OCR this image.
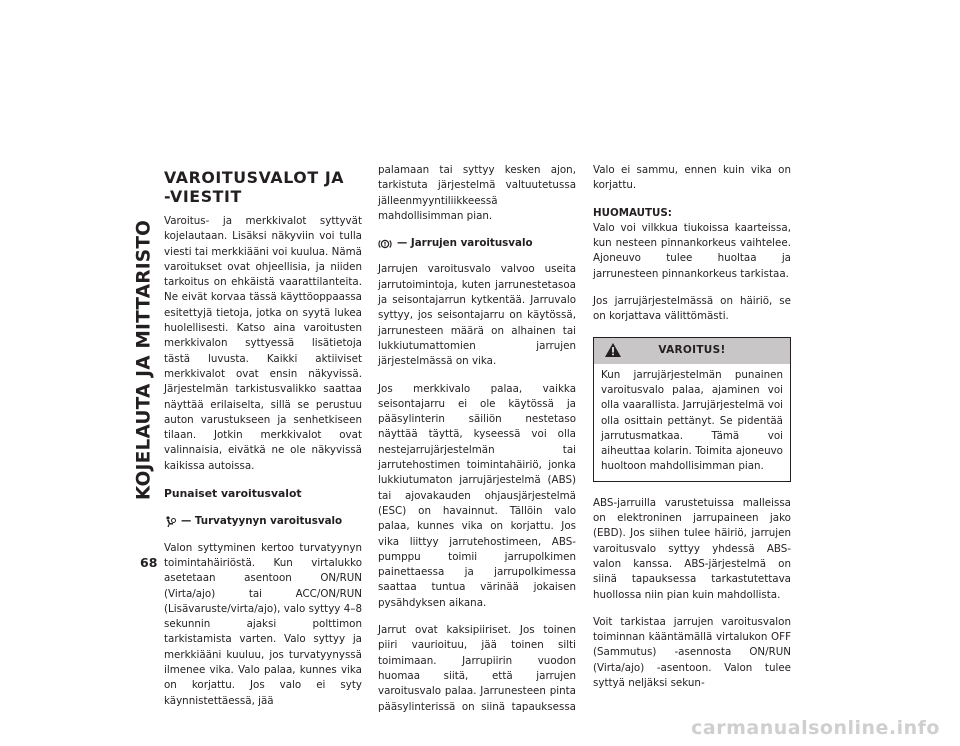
KOJELAUTA JA MITTARISTO
68
VAROITUSVALOT JA
-VIESTIT

Varoitus- ja merkkivalot syttyvät kojelautaan. Lisäksi näkyviin voi tulla viesti tai merkkiääni voi kuulua. Nämä varoitukset ovat ohjeellisia, ja niiden tarkoitus on ehkäistä vaarattilanteita. Ne eivät korvaa tässä käyttöoppaassa esitettyjä tietoja, jotka on syytä lukea huolellisesti. Katso aina varoitusten merkkivalon syttyessä lisätietoja tästä luvusta. Kaikki aktiiviset merkkivalot ovat ensin näkyvissä. Järjestelmän tarkistusvalikko saattaa näyttää erilaiselta, sillä se perustuu auton varustukseen ja senhetkiseen tilaan. Jotkin merkkivalot ovat valinnaisia, eivätkä ne ole näkyvissä kaikissa autoissa.

Punaiset varoitusvalot
— Turvatyynyn varoitusvalo

Valon syttyminen kertoo turvatyynyn toimintahäiriöstä. Kun virtalukko asetetaan asentoon ON/RUN (Virta/ajo) tai ACC/ON/RUN (Lisävaruste/virta/ajo), valo syttyy 4–8 sekunnin ajaksi polttimon tarkistamista varten. Valo syttyy ja merkkiääni kuuluu, jos turvatyynyssä ilmenee vika. Valo palaa, kunnes vika on korjattu. Jos valo ei syty käynnistettäessä, jää

palamaan tai syttyy kesken ajon, tarkistuta järjestelmä valtuutetussa jälleenmyyntiliikkeessä mahdollisimman pian.

— Jarrujen varoitusvalo

Jarrujen varoitusvalo valvoo useita jarrutoimintoja, kuten jarrunestetasoa ja seisontajarrun kytkentää. Jarruvalo syttyy, jos seisontajarru on käytössä, jarrunesteen määrä on alhainen tai lukkiutumattomien jarrujen järjestelmässä on vika.

Jos merkkivalo palaa, vaikka seisontajarru ei ole käytössä ja pääsylinterin säiliön nestetaso näyttää täyttä, kyseessä voi olla nestejarrujärjestelmän tai jarrutehostimen toimintahäiriö, jonka lukkiutumaton jarrujärjestelmä (ABS) tai ajovakauden ohjausjärjestelmä (ESC) on havainnut. Tällöin valo palaa, kunnes vika on korjattu. Jos vika liittyy jarrutehostimeen, ABS-pumppu toimii jarrupolkimen painettaessa ja jarrupolkimessa saattaa tuntua värinää jokaisen pysähdyksen aikana.

Jarrut ovat kaksipiiriset. Jos toinen piiri vaurioituu, jää toinen silti toimimaan. Jarrupiirin vuodon huomaa siitä, että jarrujen varoitusvalo palaa. Jarrunesteen pinta pääsylinterissä on siinä tapauksessa

Valo ei sammu, ennen kuin vika on korjattu.

HUOMAUTUS:

Valo voi vilkkua tiukoissa kaarteissa, kun nesteen pinnankorkeus vaihtelee. Ajoneuvo tulee huoltaa ja jarrunesteen pinnankorkeus tarkistaa.

Jos jarrujärjestelmässä on häiriö, se on korjattava välittömästi.

VAROITUS!

Kun jarrujärjestelmän punainen varoitusvalo palaa, ajaminen voi olla vaarallista. Jarrujärjestelmä voi olla osittain pettänyt. Se pidentää jarrutusmatkaa. Tämä voi aiheuttaa kolarin. Toimita ajoneuvo huoltoon mahdollisimman pian.

ABS-jarruilla varustetuissa malleissa on elektroninen jarrupaineen jako (EBD). Jos siihen tulee häiriö, jarrujen varoitusvalo syttyy yhdessä ABS-valon kanssa. ABS-järjestelmä on siinä tapauksessa tarkastutettava huollossa niin pian kuin mahdollista.

Voit tarkistaa jarrujen varoitusvalon toiminnan kääntämällä virtalukon OFF (Sammutus) -asennosta ON/RUN (Virta/ajo) -asentoon. Valon tulee syttyä neljäksi sekun-

carmanualsonline.info
